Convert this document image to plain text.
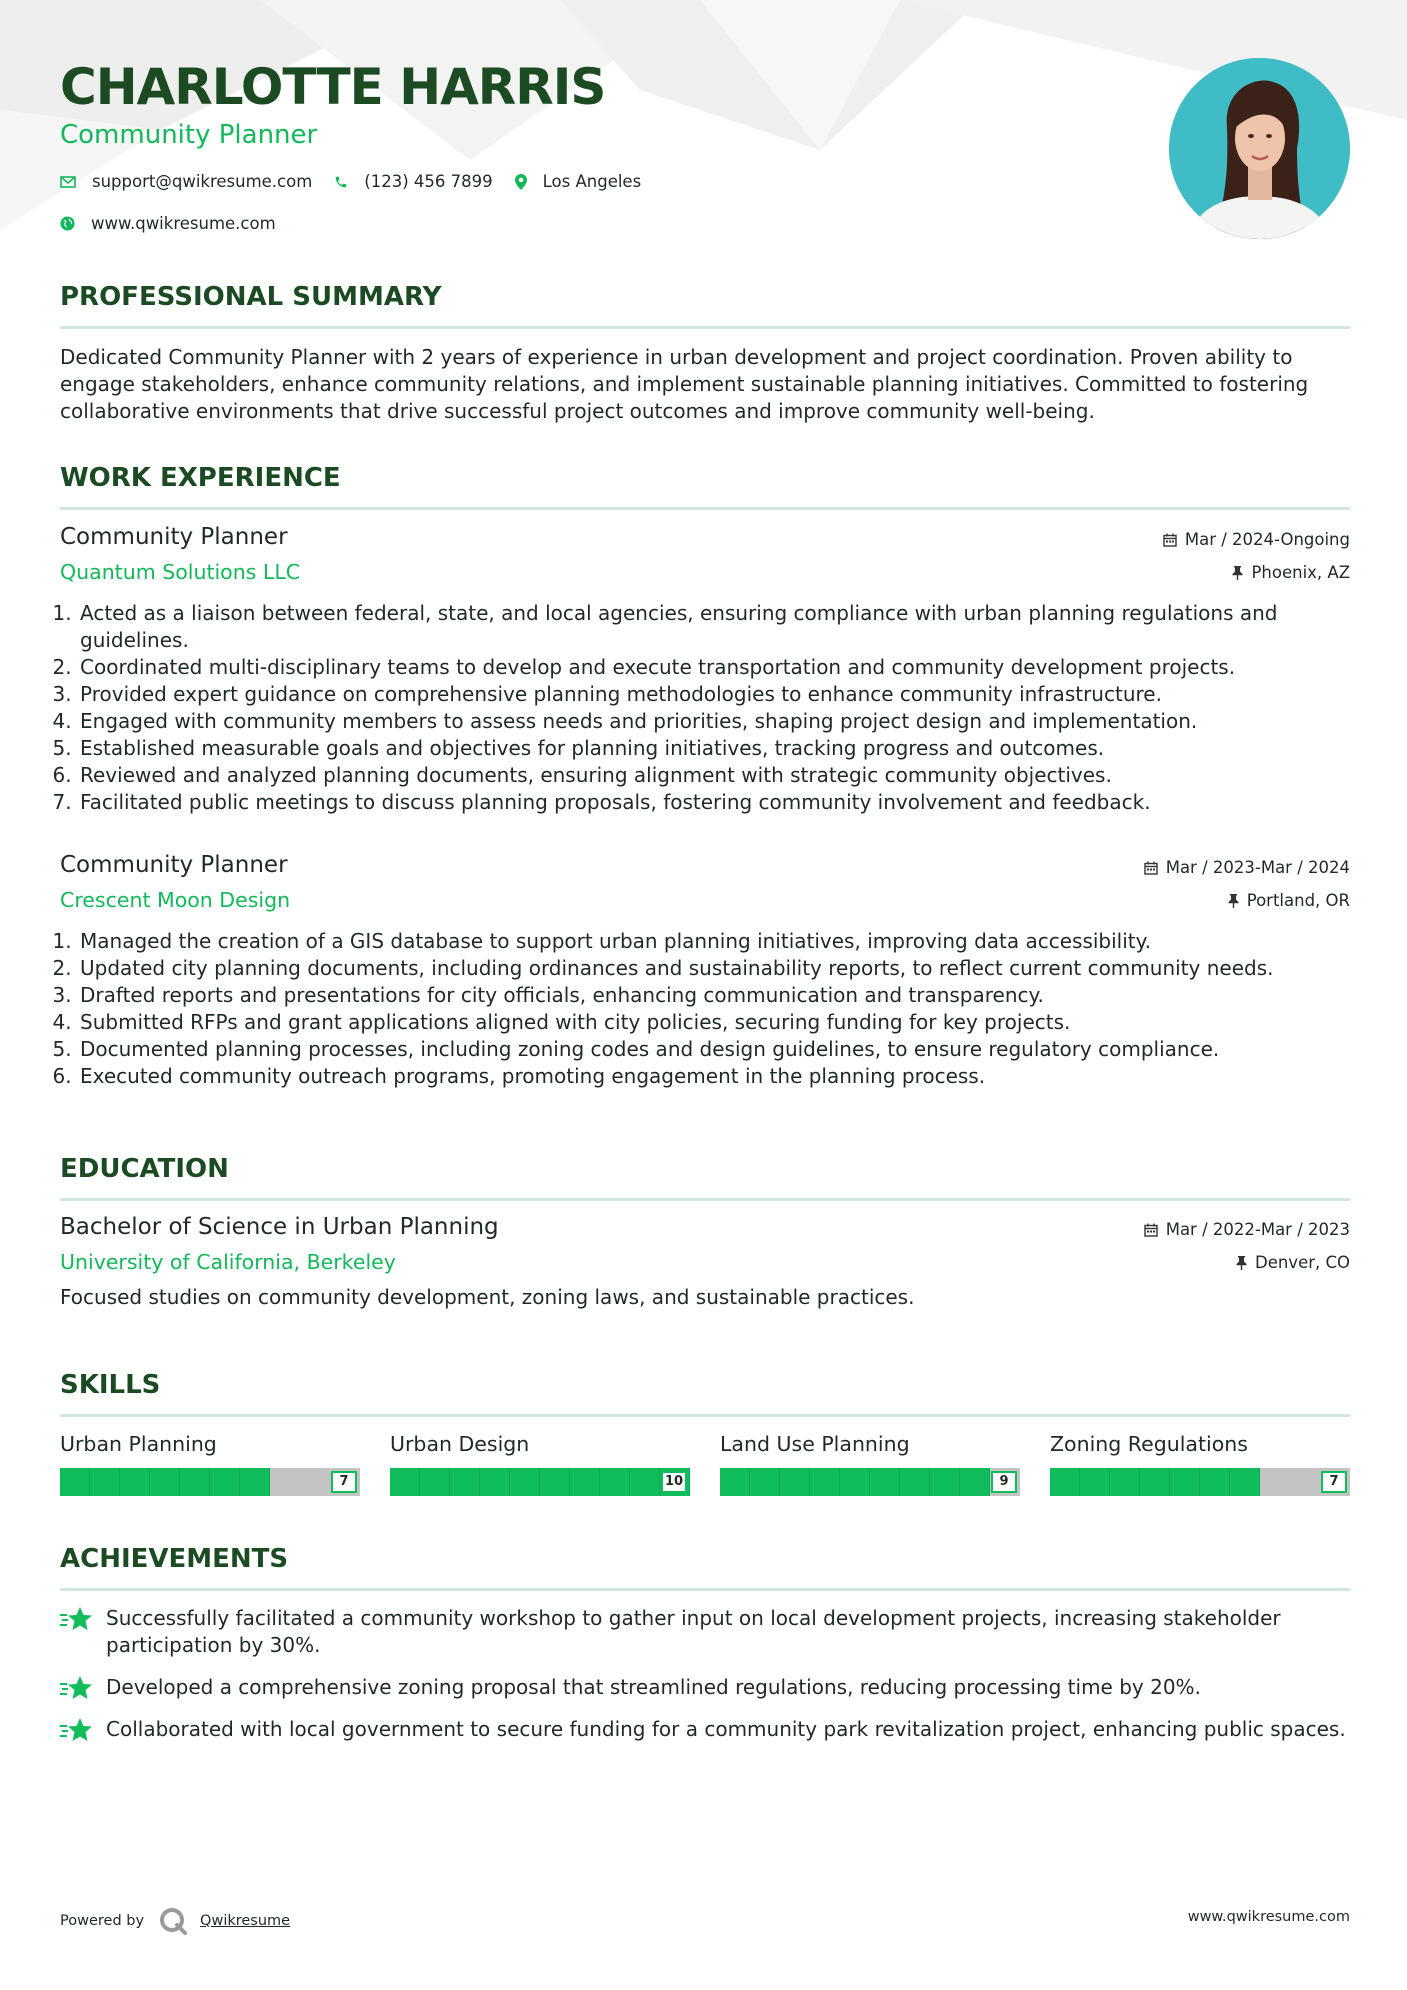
CHARLOTTE HARRIS
Community Planner
support@qwikresume.com	(123) 456 7899	Los Angeles
www.qwikresume.com
PROFESSIONAL SUMMARY

Dedicated Community Planner with 2 years of experience in urban development and project coordination. Proven ability to engage stakeholders, enhance community relations, and implement sustainable planning initiatives. Committed to fostering collaborative environments that drive successful project outcomes and improve community well-being.

WORK EXPERIENCE
Community Planner
Quantum Solutions LLC
Mar / 2024-Ongoing
Phoenix, AZ
1. Acted as a liaison between federal, state, and local agencies, ensuring compliance with urban planning regulations and guidelines.
2. Coordinated multi-disciplinary teams to develop and execute transportation and community development projects.
3. Provided expert guidance on comprehensive planning methodologies to enhance community infrastructure.
4. Engaged with community members to assess needs and priorities, shaping project design and implementation.
5. Established measurable goals and objectives for planning initiatives, tracking progress and outcomes.
6. Reviewed and analyzed planning documents, ensuring alignment with strategic community objectives.
7. Facilitated public meetings to discuss planning proposals, fostering community involvement and feedback.
Community Planner
Crescent Moon Design
Mar / 2023-Mar / 2024
Portland, OR
1. Managed the creation of a GIS database to support urban planning initiatives, improving data accessibility.
2. Updated city planning documents, including ordinances and sustainability reports, to reflect current community needs.
3. Drafted reports and presentations for city officials, enhancing communication and transparency.
4. Submitted RFPs and grant applications aligned with city policies, securing funding for key projects.
5. Documented planning processes, including zoning codes and design guidelines, to ensure regulatory compliance.
6. Executed community outreach programs, promoting engagement in the planning process.
EDUCATION
Bachelor of Science in Urban Planning
University of California, Berkeley
Mar / 2022-Mar / 2023
Denver, CO

Focused studies on community development, zoning laws, and sustainable practices.

SKILLS
Urban Planning
7
Urban Design
10
Land Use Planning
9
Zoning Regulations
7
ACHIEVEMENTS
Successfully facilitated a community workshop to gather input on local development projects, increasing stakeholder participation by 30%.
Developed a comprehensive zoning proposal that streamlined regulations, reducing processing time by 20%.
Collaborated with local government to secure funding for a community park revitalization project, enhancing public spaces.
Powered by	Qwikresume	www.qwikresume.com
